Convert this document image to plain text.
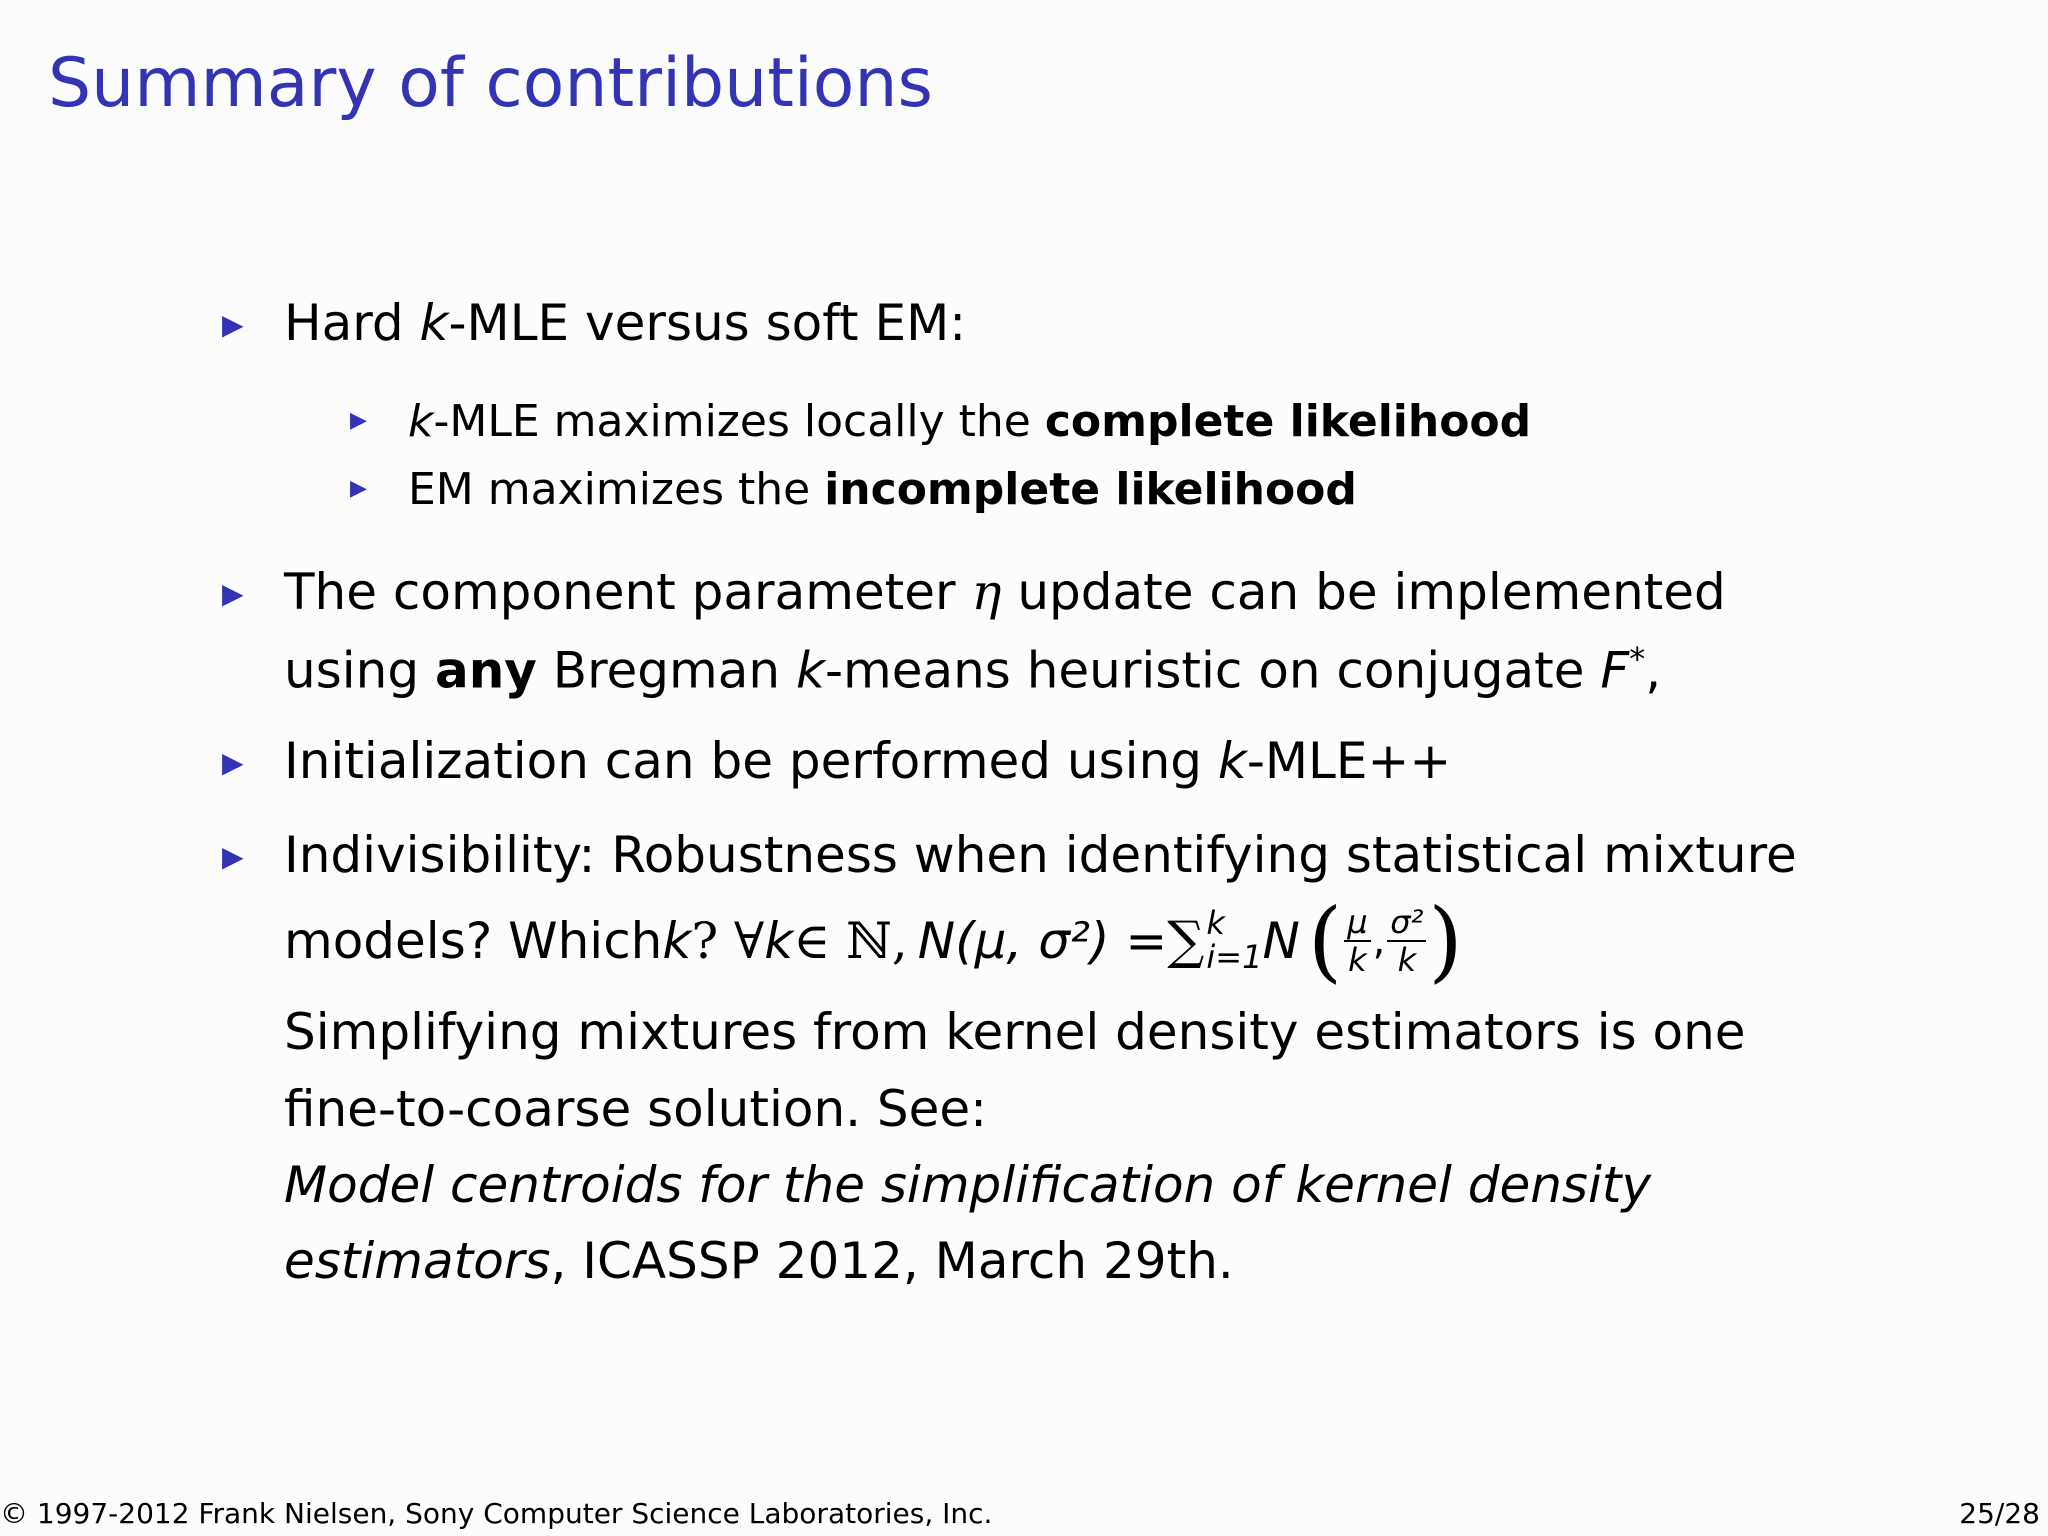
Summary of contributions
▶ Hard k-MLE versus soft EM:
▶ k-MLE maximizes locally the complete likelihood
▶ EM maximizes the incomplete likelihood
▶ The component parameter η update can be implemented
using any Bregman k-means heuristic on conjugate F*,
▶ Initialization can be performed using k-MLE++
▶ Indivisibility: Robustness when identifying statistical mixture
models? Which k ? ∀ k ∈ ℕ, N(μ, σ²) = ∑ k
i=1 N ( $\frac{\mu}{k}$ , $\frac{\text{σ²}}{k}$ )
Simplifying mixtures from kernel density estimators is one
fine-to-coarse solution. See:
Model centroids for the simplification of kernel density
estimators, ICASSP 2012, March 29th.
© 1997-2012 Frank Nielsen, Sony Computer Science Laboratories, Inc.	25/28
